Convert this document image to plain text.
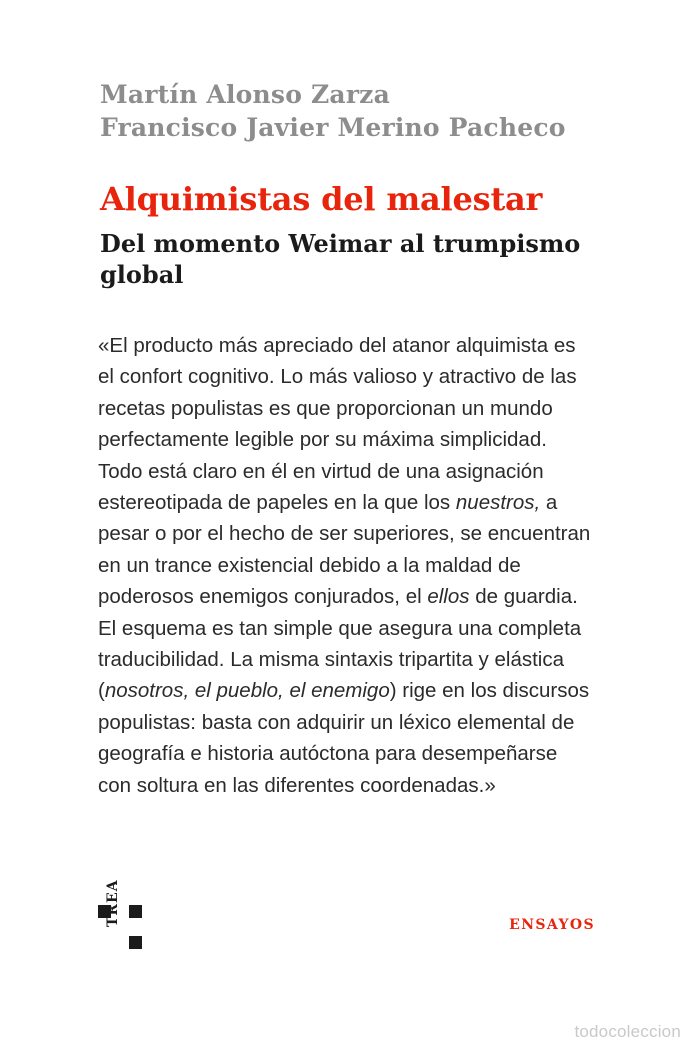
Martín Alonso Zarza
Francisco Javier Merino Pacheco
Alquimistas del malestar
Del momento Weimar al trumpismo global
«El producto más apreciado del atanor alquimista es el confort cognitivo. Lo más valioso y atractivo de las recetas populistas es que proporcionan un mundo perfectamente legible por su máxima simplicidad. Todo está claro en él en virtud de una asignación estereotipada de papeles en la que los nuestros, a pesar o por el hecho de ser superiores, se encuentran en un trance existencial debido a la maldad de poderosos enemigos conjurados, el ellos de guardia. El esquema es tan simple que asegura una completa traducibilidad. La misma sintaxis tripartita y elástica (nosotros, el pueblo, el enemigo) rige en los discursos populistas: basta con adquirir un léxico elemental de geografía e historia autóctona para desempeñarse con soltura en las diferentes coordenadas.»
TREA	ENSAYOS
todocoleccion
